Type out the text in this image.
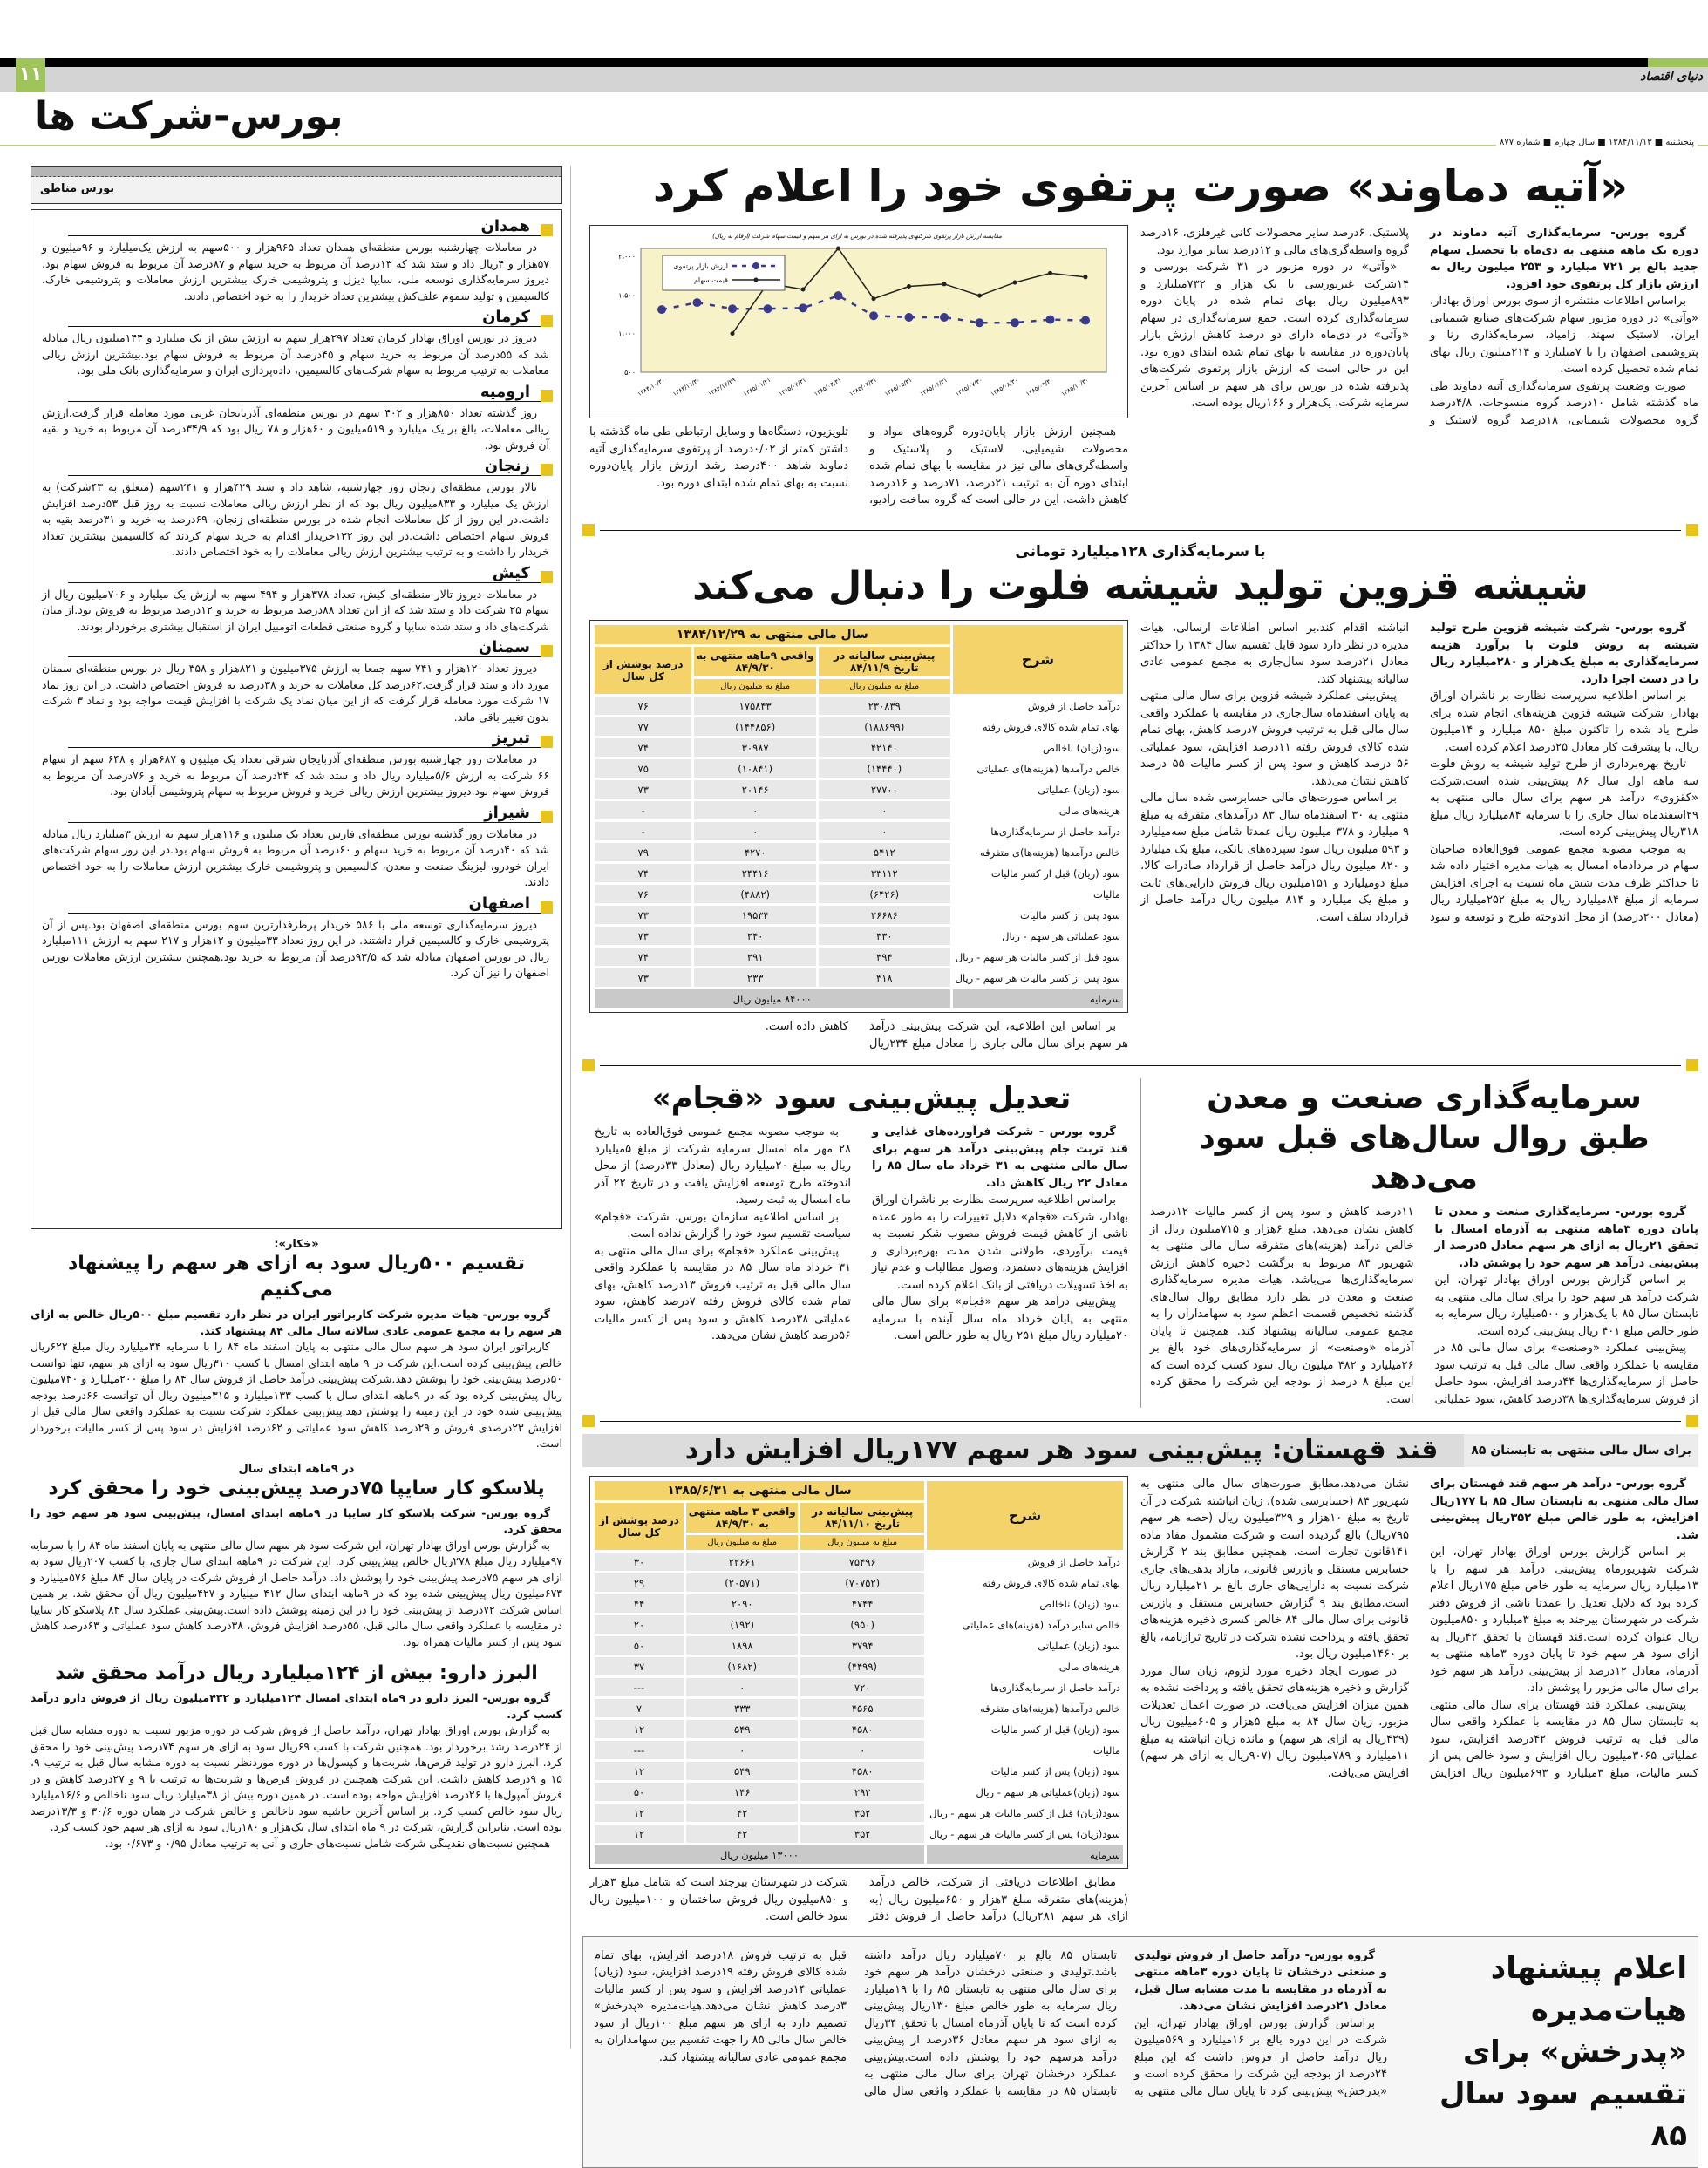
۱۱	دنیای اقتصاد
بورس-شرکت ها
پنجشنبه ■ ۱۳۸۴/۱۱/۱۳ ■ سال چهارم ■ شماره ۸۷۷
بورس مناطق
همدان

در معاملات چهارشنبه بورس منطقه‌ای همدان تعداد ۹۶۵هزار و ۵۰۰سهم به ارزش یک‌میلیارد و ۹۶میلیون و ۵۷هزار و ۴ریال داد و ستد شد که ۱۳درصد آن مربوط به خرید سهام و ۸۷درصد آن مربوط به فروش سهام بود. دیروز سرمایه‌گذاری توسعه ملی، سایپا دیزل و پتروشیمی خارک بیشترین ارزش معاملات و پتروشیمی خارک، کالسیمین و تولید سموم علف‌کش بیشترین تعداد خریدار را به خود اختصاص دادند.

کرمان

دیروز در بورس اوراق بهادار کرمان تعداد ۲۹۷هزار سهم به ارزش بیش از یک میلیارد و ۱۴۴میلیون ریال مبادله شد که ۵۵درصد آن مربوط به خرید سهام و ۴۵درصد آن مربوط به فروش سهام بود.بیشترین ارزش ریالی معاملات به ترتیب مربوط به سهام شرکت‌های کالسیمین، داده‌پردازی ایران و سرمایه‌گذاری بانک ملی بود.

ارومیه

روز گذشته تعداد ۸۵۰هزار و ۴۰۲ سهم در بورس منطقه‌ای آذربایجان غربی مورد معامله قرار گرفت.ارزش ریالی معاملات، بالغ بر یک میلیارد و ۵۱۹میلیون و ۶۰هزار و ۷۸ ریال بود که ۳۴/۹درصد آن مربوط به خرید و بقیه آن فروش بود.

زنجان

تالار بورس منطقه‌ای زنجان روز چهارشنبه، شاهد داد و ستد ۴۲۹هزار و ۲۴۱سهم (متعلق به ۴۳شرکت) به ارزش یک میلیارد و ۸۳۳میلیون ریال بود که از نظر ارزش ریالی معاملات نسبت به روز قبل ۵۳درصد افزایش داشت.در این روز از کل معاملات انجام شده در بورس منطقه‌ای زنجان، ۶۹درصد به خرید و ۳۱درصد بقیه به فروش سهام اختصاص داشت.در این روز ۱۳۲خریدار اقدام به خرید سهام کردند که کالسیمین بیشترین تعداد خریدار را داشت و به ترتیب بیشترین ارزش ریالی معاملات را به خود اختصاص دادند.

کیش

در معاملات دیروز تالار منطقه‌ای کیش، تعداد ۳۷۸هزار و ۴۹۴ سهم به ارزش یک میلیارد و ۷۰۶میلیون ریال از سهام ۲۵ شرکت داد و ستد شد که از این تعداد ۸۸درصد مربوط به خرید و ۱۲درصد مربوط به فروش بود.از میان شرکت‌های داد و ستد شده سایپا و گروه صنعتی قطعات اتومبیل ایران از استقبال بیشتری برخوردار بودند.

سمنان

دیروز تعداد ۱۲۰هزار و ۷۴۱ سهم جمعا به ارزش ۳۷۵میلیون و ۸۲۱هزار و ۳۵۸ ریال در بورس منطقه‌ای سمنان مورد داد و ستد قرار گرفت.۶۲درصد کل معاملات به خرید و ۳۸درصد به فروش اختصاص داشت. در این روز نماد ۱۷ شرکت مورد معامله قرار گرفت که از این میان نماد یک شرکت با افزایش قیمت مواجه بود و نماد ۳ شرکت بدون تغییر باقی ماند.

تبریز

در معاملات روز چهارشنبه بورس منطقه‌ای آذربایجان شرقی تعداد یک میلیون و ۶۸۷هزار و ۶۴۸ سهم از سهام ۶۶ شرکت به ارزش ۵/۶میلیارد ریال داد و ستد شد که ۲۴درصد آن مربوط به خرید و ۷۶درصد آن مربوط به فروش سهام بود.دیروز بیشترین ارزش ریالی خرید و فروش مربوط به سهام پتروشیمی آبادان بود.

شیراز

در معاملات روز گذشته بورس منطقه‌ای فارس تعداد یک میلیون و ۱۱۶هزار سهم به ارزش ۳میلیارد ریال مبادله شد که ۴۰درصد آن مربوط به خرید سهام و ۶۰درصد آن مربوط به فروش سهام بود.در این روز سهام شرکت‌های ایران خودرو، لیزینگ صنعت و معدن، کالسیمین و پتروشیمی خارک بیشترین ارزش معاملات را به خود اختصاص دادند.

اصفهان

دیروز سرمایه‌گذاری توسعه ملی با ۵۸۶ خریدار پرطرفدارترین سهم بورس منطقه‌ای اصفهان بود.پس از آن پتروشیمی خارک و کالسیمین قرار داشتند. در این روز تعداد ۳۳میلیون و ۱۲هزار و ۲۱۷ سهم به ارزش ۱۱۱میلیارد ریال در بورس اصفهان مبادله شد که ۹۳/۵درصد آن مربوط به خرید بود.همچنین بیشترین ارزش معاملات بورس اصفهان را نیز آن کرد.

«خکار»:
تقسیم ۵۰۰ریال سود به ازای هر سهم را پیشنهاد می‌کنیم

گروه بورس- هیات مدیره شرکت کاربراتور ایران در نظر دارد تقسیم مبلغ ۵۰۰ریال خالص به ازای هر سهم را به مجمع عمومی عادی سالانه سال مالی ۸۴ پیشنهاد کند.

کاربراتور ایران سود هر سهم سال مالی منتهی به پایان اسفند ماه ۸۴ را با سرمایه ۳۴میلیارد ریال مبلغ ۶۲۲ریال خالص پیش‌بینی کرده است.این شرکت در ۹ ماهه ابتدای امسال با کسب ۳۱۰ریال سود به ازای هر سهم، تنها توانست ۵۰درصد پیش‌بینی خود را پوشش دهد.شرکت پیش‌بینی درآمد حاصل از فروش سال ۸۴ را مبلغ ۲۰۰میلیارد و ۷۴۰میلیون ریال پیش‌بینی کرده بود که در ۹ماهه ابتدای سال با کسب ۱۳۳میلیارد و ۳۱۵میلیون ریال آن توانست ۶۶درصد بودجه پیش‌بینی شده خود در این زمینه را پوشش دهد.پیش‌بینی عملکرد شرکت نسبت به عملکرد واقعی سال مالی قبل از افزایش ۲۳درصدی فروش و ۲۹درصد کاهش سود عملیاتی و ۶۲درصد افزایش در سود پس از کسر مالیات برخوردار است.

در ۹ماهه ابتدای سال
پلاسکو کار سایپا ۷۵درصد پیش‌بینی خود را محقق کرد

گروه بورس- شرکت پلاسکو کار سایپا در ۹ماهه ابتدای امسال، پیش‌بینی سود هر سهم خود را محقق کرد.

به گزارش بورس اوراق بهادار تهران، این شرکت سود هر سهم سال مالی منتهی به پایان اسفند ماه ۸۴ را با سرمایه ۹۷میلیارد ریال مبلغ ۲۷۸ریال خالص پیش‌بینی کرد. این شرکت در ۹ماهه ابتدای سال جاری، با کسب ۲۰۷ریال سود به ازای هر سهم ۷۵درصد پیش‌بینی خود را پوشش داد. درآمد حاصل از فروش شرکت در پایان سال ۸۴ مبلغ ۵۷۶میلیارد و ۶۷۳میلیون ریال پیش‌بینی شده بود که در ۹ماهه ابتدای سال ۴۱۲ میلیارد و ۴۲۷میلیون ریال آن محقق شد. بر همین اساس شرکت ۷۲درصد از پیش‌بینی خود را در این زمینه پوشش داده است.پیش‌بینی عملکرد سال ۸۴ پلاسکو کار سایپا در مقایسه با عملکرد واقعی سال مالی قبل، ۵۵درصد افزایش فروش، ۳۸درصد کاهش سود عملیاتی و ۶۳درصد کاهش سود پس از کسر مالیات همراه بود.

البرز دارو: بیش از ۱۲۴میلیارد ریال درآمد محقق شد

گروه بورس- البرز دارو در ۹ماه ابتدای امسال ۱۲۴میلیارد و ۴۳۲میلیون ریال از فروش دارو درآمد کسب کرد.

به گزارش بورس اوراق بهادار تهران، درآمد حاصل از فروش شرکت در دوره مزبور نسبت به دوره مشابه سال قبل از ۲۴درصد رشد برخوردار بود. همچنین شرکت با کسب ۶۹ریال سود به ازای هر سهم ۷۴درصد پیش‌بینی خود را محقق کرد. البرز دارو در تولید قرص‌ها، شربت‌ها و کپسول‌ها در دوره موردنظر نسبت به دوره مشابه سال قبل به ترتیب ۹، ۱۵ و ۹درصد کاهش داشت. این شرکت همچنین در فروش قرص‌ها و شربت‌ها به ترتیب با ۹ و ۲۷درصد کاهش و در فروش آمپول‌ها با ۲۶درصد افزایش مواجه بوده است. در همین دوره بیش از ۳۸میلیارد ریال سود ناخالص و ۱۶/۶میلیارد ریال سود خالص کسب کرد. بر اساس آخرین حاشیه سود ناخالص و خالص شرکت در همان دوره ۳۰/۶ و ۱۳/۳درصد بوده است. بنابراین گزارش، شرکت در ۹ ماه ابتدای سال یک‌هزار و ۱۸۰ریال سود به ازای هر سهم خود کسب کرد.

همچنین نسبت‌های نقدینگی شرکت شامل نسبت‌های جاری و آنی به ترتیب معادل ۰/۹۵ و ۰/۶۷۳ بود.

«آتیه دماوند» صورت پرتفوی خود را اعلام کرد

گروه بورس- سرمایه‌گذاری آتیه دماوند در دوره یک ماهه منتهی به دی‌ماه با تحصیل سهام جدید بالغ بر ۷۲۱ میلیارد و ۲۵۳ میلیون ریال به ارزش بازار کل پرتفوی خود افزود.

براساس اطلاعات منتشره از سوی بورس اوراق بهادار، «وآتی» در دوره مزبور سهام شرکت‌های صنایع شیمیایی ایران، لاستیک سهند، زامیاد، سرمایه‌گذاری رنا و پتروشیمی اصفهان را با ۷میلیارد و ۲۱۴میلیون ریال بهای تمام شده تحصیل کرده است.

صورت وضعیت پرتفوی سرمایه‌گذاری آتیه دماوند طی ماه گذشته شامل ۱۰درصد گروه منسوجات، ۴/۸درصد گروه محصولات شیمیایی، ۱۸درصد گروه لاستیک و پلاستیک، ۶درصد سایر محصولات کانی غیرفلزی، ۱۶درصد گروه واسطه‌گری‌های مالی و ۱۲درصد سایر موارد بود.

«وآتی» در دوره مزبور در ۳۱ شرکت بورسی و ۱۴شرکت غیربورسی با یک هزار و ۷۳۲میلیارد و ۸۹۳میلیون ریال بهای تمام شده در پایان دوره سرمایه‌گذاری کرده است. جمع سرمایه‌گذاری در سهام «وآتی» در دی‌ماه دارای دو درصد کاهش ارزش بازار پایان‌دوره در مقایسه با بهای تمام شده ابتدای دوره بود. این در حالی است که ارزش بازار پرتفوی شرکت‌های پذیرفته شده در بورس برای هر سهم بر اساس آخرین سرمایه شرکت، یک‌هزار و ۱۶۶ریال بوده است.

مقایسه ارزش بازار پرتفوی شرکتهای پذیرفته شده در بورس به ازای هر سهم و قیمت سهام شرکت (ارقام به ریال)
۵۰۰
۱،۰۰۰
۱،۵۰۰
۲،۰۰۰
۱۳۸۴/۱۰/۳۰ ۱۳۸۴/۱۱/۳۰ ۱۳۸۴/۱۲/۲۹ ۱۳۸۵/۰۱/۳۱ ۱۳۸۵/۰۲/۳۱ ۱۳۸۵/۰۳/۳۱ ۱۳۸۵/۰۴/۳۱ ۱۳۸۵/۰۵/۳۱ ۱۳۸۵/۰۶/۳۱ ۱۳۸۵/۰۷/۳۰ ۱۳۸۵/۰۸/۳۰ ۱۳۸۵/۰۹/۳۰ ۱۳۸۵/۱۰/۳۰
ارزش بازار پرتفوی
قیمت سهام

همچنین ارزش بازار پایان‌دوره گروه‌های مواد و محصولات شیمیایی، لاستیک و پلاستیک و واسطه‌گری‌های مالی نیز در مقایسه با بهای تمام شده ابتدای دوره آن به ترتیب ۲۱درصد، ۷۱درصد و ۱۶درصد کاهش داشت. این در حالی است که گروه ساخت رادیو، تلویزیون، دستگاه‌ها و وسایل ارتباطی طی ماه گذشته با داشتن کمتر از ۰/۰۲درصد از پرتفوی سرمایه‌گذاری آتیه دماوند شاهد ۴۰۰درصد رشد ارزش بازار پایان‌دوره نسبت به بهای تمام شده ابتدای دوره بود.

با سرمایه‌گذاری ۱۲۸میلیارد تومانی
شیشه قزوین تولید شیشه فلوت را دنبال می‌کند

گروه بورس- شرکت شیشه قزوین طرح تولید شیشه به روش فلوت با برآورد هزینه سرمایه‌گذاری به مبلغ یک‌هزار و ۲۸۰میلیارد ریال را در دست اجرا دارد.

بر اساس اطلاعیه سرپرست نظارت بر ناشران اوراق بهادار، شرکت شیشه قزوین هزینه‌های انجام شده برای طرح یاد شده را تاکنون مبلغ ۸۵۰ میلیارد و ۱۴میلیون ریال، با پیشرفت کار معادل ۲۵درصد اعلام کرده است.

تاریخ بهره‌برداری از طرح تولید شیشه به روش فلوت سه ماهه اول سال ۸۶ پیش‌بینی شده است.شرکت «کقزوی» درآمد هر سهم برای سال مالی منتهی به ۲۹اسفندماه سال جاری را با سرمایه ۸۴میلیارد ریال مبلغ ۳۱۸ریال پیش‌بینی کرده است.

به موجب مصوبه مجمع عمومی فوق‌العاده صاحبان سهام در مردادماه امسال به هیات مدیره اختیار داده شد تا حداکثر ظرف مدت شش ماه نسبت به اجرای افزایش سرمایه از مبلغ ۸۴میلیارد ریال به مبلغ ۲۵۲میلیارد ریال (معادل ۲۰۰درصد) از محل اندوخته طرح و توسعه و سود انباشته اقدام کند.بر اساس اطلاعات ارسالی، هیات مدیره در نظر دارد سود قابل تقسیم سال ۱۳۸۴ را حداکثر معادل ۲۱درصد سود سال‌جاری به مجمع عمومی عادی سالیانه پیشنهاد کند.

پیش‌بینی عملکرد شیشه قزوین برای سال مالی منتهی به پایان اسفندماه سال‌جاری در مقایسه با عملکرد واقعی سال مالی قبل به ترتیب فروش ۷درصد کاهش، بهای تمام شده کالای فروش رفته ۱۱درصد افزایش، سود عملیاتی ۵۶ درصد کاهش و سود پس از کسر مالیات ۵۵ درصد کاهش نشان می‌دهد.

بر اساس صورت‌های مالی حسابرسی شده سال مالی منتهی به ۳۰ اسفندماه سال ۸۳ درآمدهای متفرقه به مبلغ ۹ میلیارد و ۳۷۸ میلیون ریال عمدتا شامل مبلغ سه‌میلیارد و ۵۹۳ میلیون ریال سود سپرده‌های بانکی، مبلغ یک میلیارد و ۸۲۰ میلیون ریال درآمد حاصل از قرارداد صادرات کالا، مبلغ دومیلیارد و ۱۵۱میلیون ریال فروش دارایی‌های ثابت و مبلغ یک میلیارد و ۸۱۴ میلیون ریال درآمد حاصل از قرارداد سلف است.

شرح	سال مالی منتهی به ۱۳۸۴/۱۲/۲۹		
	پیش‌بینی سالیانه در تاریخ ۸۴/۱۱/۹	واقعی ۹ماهه منتهی به ۸۴/۹/۳۰	درصد پوشش از کل سال
	مبلغ به میلیون ریال	مبلغ به میلیون ریال	
درآمد حاصل از فروش	۲۳۰۸۳۹	۱۷۵۸۴۳	۷۶
بهای تمام شده کالای فروش رفته	(۱۸۸۶۹۹)	(۱۴۴۸۵۶)	۷۷
سود(زیان) ناخالص	۴۲۱۴۰	۳۰۹۸۷	۷۴
خالص درآمدها (هزینه‌ها)ی عملیاتی	(۱۴۴۴۰)	(۱۰۸۴۱)	۷۵
سود (زیان) عملیاتی	۲۷۷۰۰	۲۰۱۴۶	۷۳
هزینه‌های مالی	۰	۰	-
درآمد حاصل از سرمایه‌گذاری‌ها	۰	۰	-
خالص درآمدها (هزینه‌ها)ی متفرقه	۵۴۱۲	۴۲۷۰	۷۹
سود (زیان) قبل از کسر مالیات	۳۳۱۱۲	۲۴۴۱۶	۷۴
مالیات	(۶۴۲۶)	(۴۸۸۲)	۷۶
سود پس از کسر مالیات	۲۶۶۸۶	۱۹۵۳۴	۷۳
سود عملیاتی هر سهم - ریال	۳۳۰	۲۴۰	۷۳
سود قبل از کسر مالیات هر سهم - ریال	۳۹۴	۲۹۱	۷۴
سود پس از کسر مالیات هر سهم - ریال	۳۱۸	۲۳۳	۷۳
سرمایه	۸۴۰۰۰ میلیون ریال		

بر اساس این اطلاعیه، این شرکت پیش‌بینی درآمد هر سهم برای سال مالی جاری را معادل مبلغ ۲۳۴ریال کاهش داده است.

سرمایه‌گذاری صنعت و معدن
طبق روال سال‌های قبل سود می‌دهد

گروه بورس- سرمایه‌گذاری صنعت و معدن تا پایان دوره ۳ماهه منتهی به آذرماه امسال با تحقق ۲۱ریال به ازای هر سهم معادل ۵درصد از پیش‌بینی درآمد هر سهم خود را پوشش داد.

بر اساس گزارش بورس اوراق بهادار تهران، این شرکت درآمد هر سهم خود را برای سال مالی منتهی به تابستان سال ۸۵ با یک‌هزار و ۵۰۰میلیارد ریال سرمایه به طور خالص مبلغ ۴۰۱ ریال پیش‌بینی کرده است.

پیش‌بینی عملکرد «وصنعت» برای سال مالی ۸۵ در مقایسه با عملکرد واقعی سال مالی قبل به ترتیب سود حاصل از سرمایه‌گذاری‌ها ۴۴درصد افزایش، سود حاصل از فروش سرمایه‌گذاری‌ها ۳۸درصد کاهش، سود عملیاتی ۱۱درصد کاهش و سود پس از کسر مالیات ۱۲درصد کاهش نشان می‌دهد. مبلغ ۶هزار و ۷۱۵میلیون ریال از خالص درآمد (هزینه)های متفرقه سال مالی منتهی به شهریور ۸۴ مربوط به برگشت ذخیره کاهش ارزش سرمایه‌گذاری‌ها می‌باشد. هیات مدیره سرمایه‌گذاری صنعت و معدن در نظر دارد مطابق روال سال‌های گذشته تخصیص قسمت اعظم سود به سهامداران را به مجمع عمومی سالیانه پیشنهاد کند. همچنین تا پایان آذرماه «وصنعت» از سرمایه‌گذاری‌های خود بالغ بر ۲۶میلیارد و ۴۸۲ میلیون ریال سود کسب کرده است که این مبلغ ۸ درصد از بودجه این شرکت را محقق کرده است.

تعدیل پیش‌بینی سود «قجام»

گروه بورس - شرکت فرآورده‌های غذایی و قند تربت جام پیش‌بینی درآمد هر سهم برای سال مالی منتهی به ۳۱ خرداد ماه سال ۸۵ را معادل ۲۲ ریال کاهش داد.

براساس اطلاعیه سرپرست نظارت بر ناشران اوراق بهادار، شرکت «قجام» دلایل تغییرات را به طور عمده ناشی از کاهش قیمت فروش مصوب شکر نسبت به قیمت برآوردی، طولانی شدن مدت بهره‌برداری و افزایش هزینه‌های دستمزد، وصول مطالبات و عدم نیاز به اخذ تسهیلات دریافتی از بانک اعلام کرده است.

پیش‌بینی درآمد هر سهم «قجام» برای سال مالی منتهی به پایان خرداد ماه سال آینده با سرمایه ۲۰میلیارد ریال مبلغ ۲۵۱ ریال به طور خالص است.

به موجب مصوبه مجمع عمومی فوق‌العاده به تاریخ ۲۸ مهر ماه امسال سرمایه شرکت از مبلغ ۵میلیارد ریال به مبلغ ۲۰میلیارد ریال (معادل ۳۳درصد) از محل اندوخته طرح توسعه افزایش یافت و در تاریخ ۲۲ آذر ماه امسال به ثبت رسید.

بر اساس اطلاعیه سازمان بورس، شرکت «قجام» سیاست تقسیم سود خود را گزارش نداده است.

پیش‌بینی عملکرد «قجام» برای سال مالی منتهی به ۳۱ خرداد ماه سال ۸۵ در مقایسه با عملکرد واقعی سال مالی قبل به ترتیب فروش ۱۳درصد کاهش، بهای تمام شده کالای فروش رفته ۷درصد کاهش، سود عملیاتی ۳۸درصد کاهش و سود پس از کسر مالیات ۵۶درصد کاهش نشان می‌دهد.

برای سال مالی منتهی به تابستان ۸۵
قند قهستان: پیش‌بینی سود هر سهم ۱۷۷ریال افزایش دارد

گروه بورس- درآمد هر سهم قند قهستان برای سال مالی منتهی به تابستان سال ۸۵ با ۱۷۷ریال افزایش، به طور خالص مبلغ ۳۵۲ریال پیش‌بینی شد.

بر اساس گزارش بورس اوراق بهادار تهران، این شرکت شهریورماه پیش‌بینی درآمد هر سهم را با ۱۳میلیارد ریال سرمایه به طور خاص مبلغ ۱۷۵ریال اعلام کرده بود که دلایل تعدیل را عمدتا ناشی از فروش دفتر شرکت در شهرستان بیرجند به مبلغ ۳میلیارد و ۸۵۰میلیون ریال عنوان کرده است.قند قهستان با تحقق ۴۲ریال به ازای سود هر سهم خود تا پایان دوره ۳ماهه منتهی به آذرماه، معادل ۱۲درصد از پیش‌بینی درآمد هر سهم خود برای سال مالی مزبور را پوشش داد.

پیش‌بینی عملکرد قند قهستان برای سال مالی منتهی به تابستان سال ۸۵ در مقایسه با عملکرد واقعی سال مالی قبل به ترتیب فروش ۴۲درصد افزایش، سود عملیاتی ۳۰۶۵میلیون ریال افزایش و سود خالص پس از کسر مالیات، مبلغ ۳میلیارد و ۶۹۳میلیون ریال افزایش نشان می‌دهد.مطابق صورت‌های سال مالی منتهی به شهریور ۸۴ (حسابرسی شده)، زیان انباشته شرکت در آن تاریخ به مبلغ ۱۰هزار و ۳۲۹میلیون ریال (حصه هر سهم ۷۹۵ریال) بالغ گردیده است و شرکت مشمول مفاد ماده ۱۴۱قانون تجارت است. همچنین مطابق بند ۲ گزارش حسابرس مستقل و بازرس قانونی، مازاد بدهی‌های جاری شرکت نسبت به دارایی‌های جاری بالغ بر ۲۱میلیارد ریال است.مطابق بند ۹ گزارش حسابرس مستقل و بازرس قانونی برای سال مالی ۸۴ خالص کسری ذخیره هزینه‌های تحقق یافته و پرداخت نشده شرکت در تاریخ ترازنامه، بالغ بر ۱۴۶۰میلیون ریال بود.

در صورت ایجاد ذخیره مورد لزوم، زیان سال مورد گزارش و ذخیره هزینه‌های تحقق یافته و پرداخت نشده به همین میزان افزایش می‌یافت. در صورت اعمال تعدیلات مزبور، زیان سال ۸۴ به مبلغ ۵هزار و ۶۰۵میلیون ریال (۴۲۹ریال به ازای هر سهم) و مانده زیان انباشته به مبلغ ۱۱میلیارد و ۷۸۹میلیون ریال (۹۰۷ریال به ازای هر سهم) افزایش می‌یافت.

شرح	سال مالی منتهی به ۱۳۸۵/۶/۳۱		
	پیش‌بینی سالیانه در تاریخ ۸۴/۱۱/۱۰	واقعی ۳ ماهه منتهی به ۸۴/۹/۳۰	درصد پوشش از کل سال
	مبلغ به میلیون ریال	مبلغ به میلیون ریال	
درآمد حاصل از فروش	۷۵۴۹۶	۲۲۶۶۱	۳۰
بهای تمام شده کالای فروش رفته	(۷۰۷۵۲)	(۲۰۵۷۱)	۲۹
سود (زیان) ناخالص	۴۷۴۴	۲۰۹۰	۴۴
خالص سایر درآمد (هزینه)های عملیاتی	(۹۵۰)	(۱۹۲)	۲۰
سود (زیان) عملیاتی	۳۷۹۴	۱۸۹۸	۵۰
هزینه‌های مالی	(۴۴۹۹)	(۱۶۸۲)	۳۷
درآمد حاصل از سرمایه‌گذاری‌ها	۷۲۰	۰	---
خالص درآمدها (هزینه)های متفرقه	۴۵۶۵	۳۳۳	۷
سود (زیان) قبل از کسر مالیات	۴۵۸۰	۵۴۹	۱۲
مالیات	۰	۰	---
سود (زیان) پس از کسر مالیات	۴۵۸۰	۵۴۹	۱۲
سود (زیان)عملیاتی هر سهم - ریال	۲۹۲	۱۴۶	۵۰
سود(زیان) قبل از کسر مالیات هر سهم - ریال	۳۵۲	۴۲	۱۲
سود(زیان) پس از کسر مالیات هر سهم - ریال	۳۵۲	۴۲	۱۲
سرمایه	۱۳۰۰۰ میلیون ریال		

مطابق اطلاعات دریافتی از شرکت، خالص درآمد (هزینه)‌های متفرقه مبلغ ۳هزار و ۶۵۰میلیون ریال (به ازای هر سهم ۲۸۱ریال) درآمد حاصل از فروش دفتر شرکت در شهرستان بیرجند است که شامل مبلغ ۳هزار و ۸۵۰میلیون ریال فروش ساختمان و ۱۰۰میلیون ریال سود خالص است.

اعلام پیشنهاد هیات‌مدیره «پدرخش» برای تقسیم سود سال ۸۵

گروه بورس- درآمد حاصل از فروش تولیدی و صنعتی درخشان تا پایان دوره ۳ماهه منتهی به آذرماه در مقایسه با مدت مشابه سال قبل، معادل ۲۱درصد افزایش نشان می‌دهد.

براساس گزارش بورس اوراق بهادار تهران، این شرکت در این دوره بالغ بر ۱۶میلیارد و ۵۶۹میلیون ریال درآمد حاصل از فروش داشت که این مبلغ ۲۴درصد از بودجه این شرکت را محقق کرده است و «پدرخش» پیش‌بینی کرد تا پایان سال مالی منتهی به تابستان ۸۵ بالغ بر ۷۰میلیارد ریال درآمد داشته باشد.تولیدی و صنعتی درخشان درآمد هر سهم خود برای سال مالی منتهی به تابستان ۸۵ را با ۱۹میلیارد ریال سرمایه به طور خالص مبلغ ۱۳۰ریال پیش‌بینی کرده است که تا پایان آذرماه امسال با تحقق ۳۴ریال به ازای سود هر سهم معادل ۳۶درصد از پیش‌بینی درآمد هرسهم خود را پوشش داده است.پیش‌بینی عملکرد درخشان تهران برای سال مالی منتهی به تابستان ۸۵ در مقایسه با عملکرد واقعی سال مالی قبل به ترتیب فروش ۱۸درصد افزایش، بهای تمام شده کالای فروش رفته ۱۹درصد افزایش، سود (زیان) عملیاتی ۱۴درصد افزایش و سود پس از کسر مالیات ۳درصد کاهش نشان می‌دهد.هیات‌مدیره «پدرخش» تصمیم دارد به ازای هر سهم مبلغ ۱۰۰ریال از سود خالص سال مالی ۸۵ را جهت تقسیم بین سهامداران به مجمع عمومی عادی سالیانه پیشنهاد کند.
